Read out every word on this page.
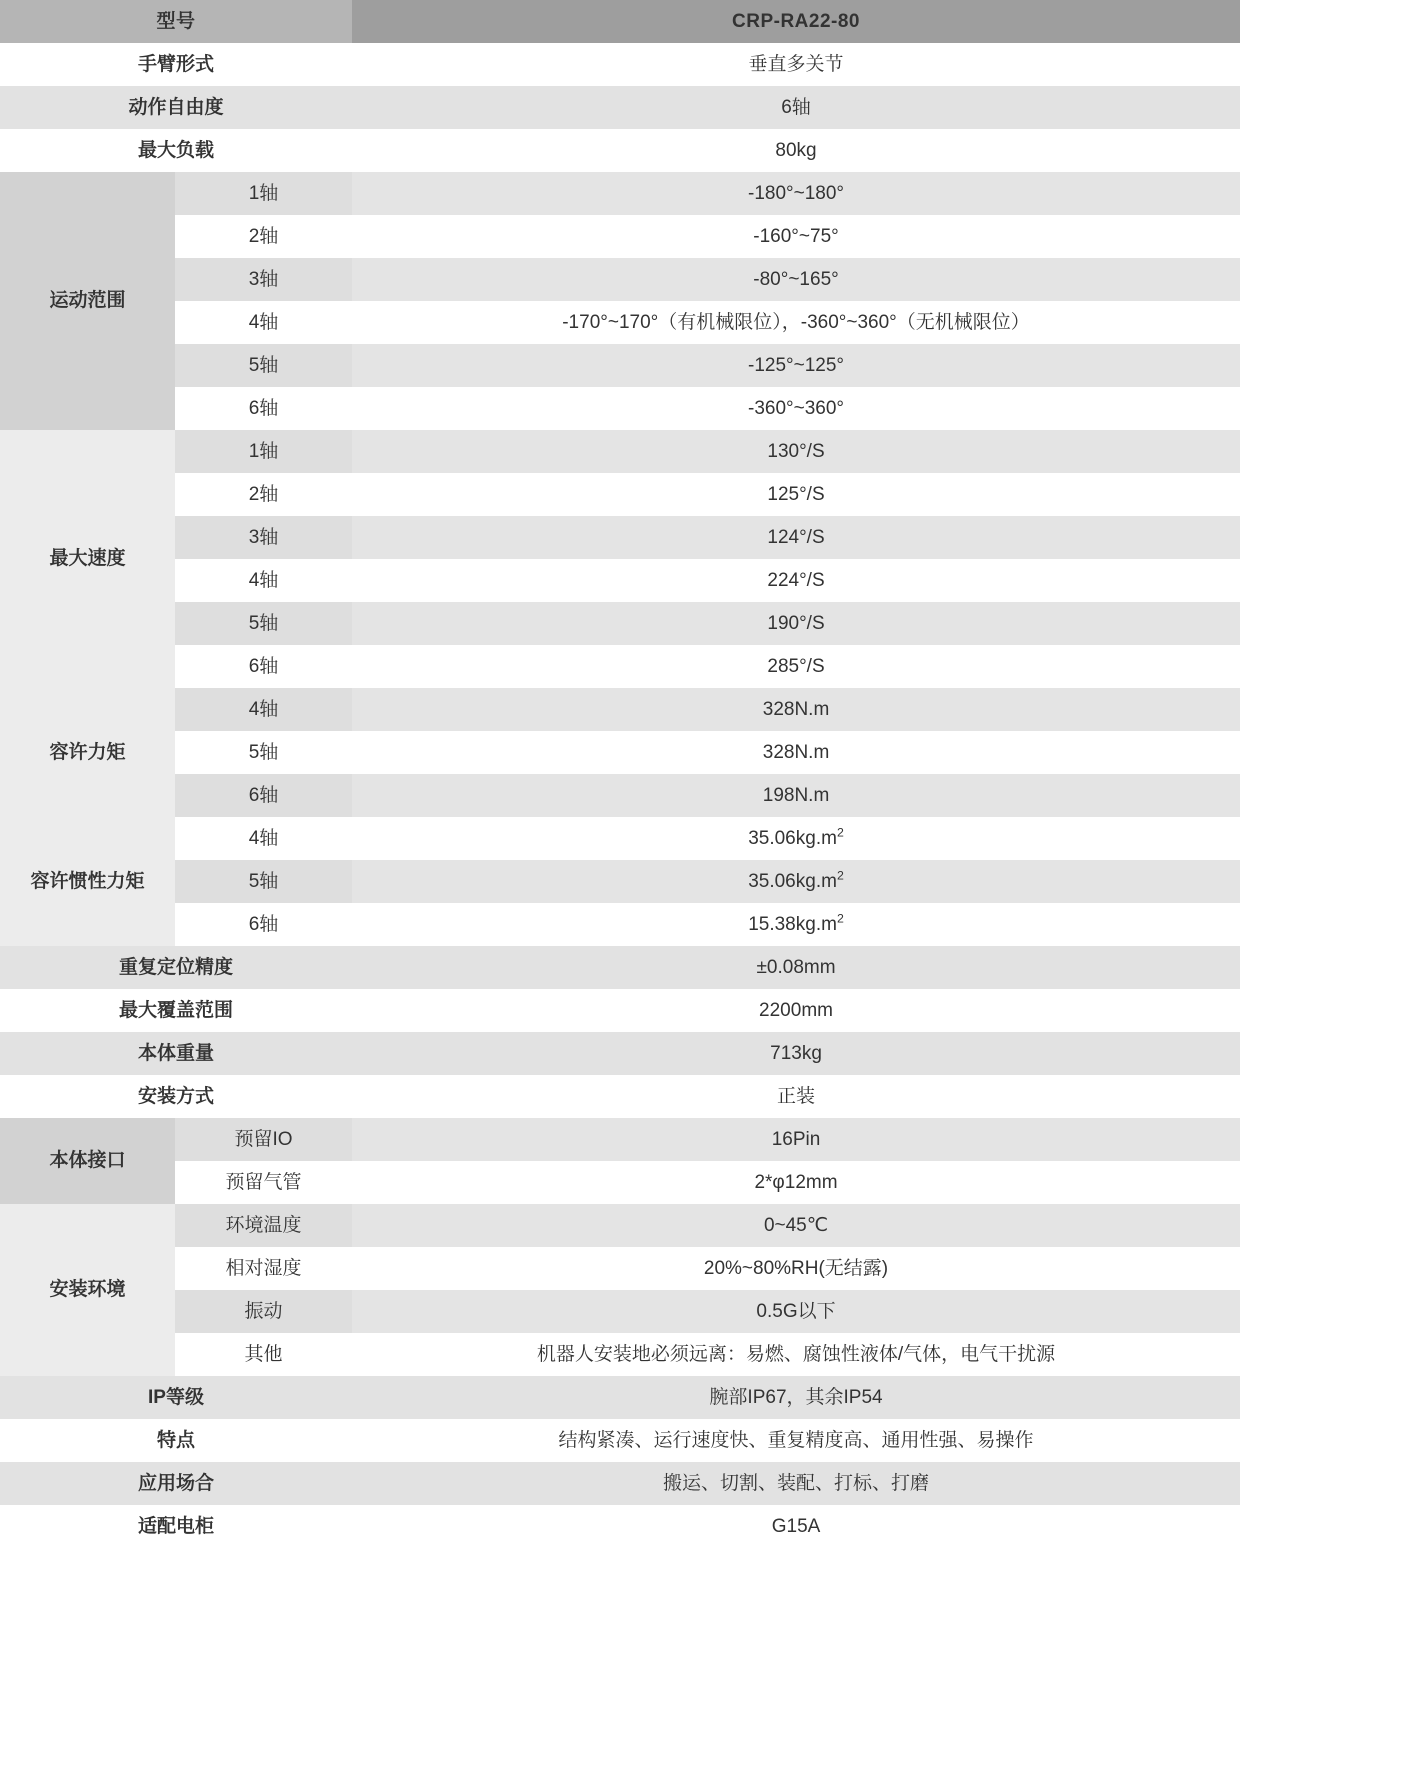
型号		CRP-RA22-80
手臂形式		垂直多关节
动作自由度		6轴
最大负载		80kg
运动范围	1轴	-180°~180°
	2轴	-160°~75°
	3轴	-80°~165°
	4轴	-170°~170°（有机械限位），-360°~360°（无机械限位）
	5轴	-125°~125°
	6轴	-360°~360°
最大速度	1轴	130°/S
	2轴	125°/S
	3轴	124°/S
	4轴	224°/S
	5轴	190°/S
	6轴	285°/S
容许力矩	4轴	328N.m
	5轴	328N.m
	6轴	198N.m
容许惯性力矩	4轴	$35.06kg.m^2$
	5轴	$35.06kg.m^2$
	6轴	$15.38kg.m^2$
重复定位精度		±0.08mm
最大覆盖范围		2200mm
本体重量		713kg
安装方式		正装
本体接口	预留IO	16Pin
	预留气管	2*φ12mm
安装环境	环境温度	0~45℃
	相对湿度	20%~80%RH(无结露)
	振动	0.5G以下
	其他	机器人安装地必须远离：易燃、腐蚀性液体/气体，电气干扰源
IP等级		腕部IP67，其余IP54
特点		结构紧凑、运行速度快、重复精度高、通用性强、易操作
应用场合		搬运、切割、装配、打标、打磨
适配电柜		G15A
